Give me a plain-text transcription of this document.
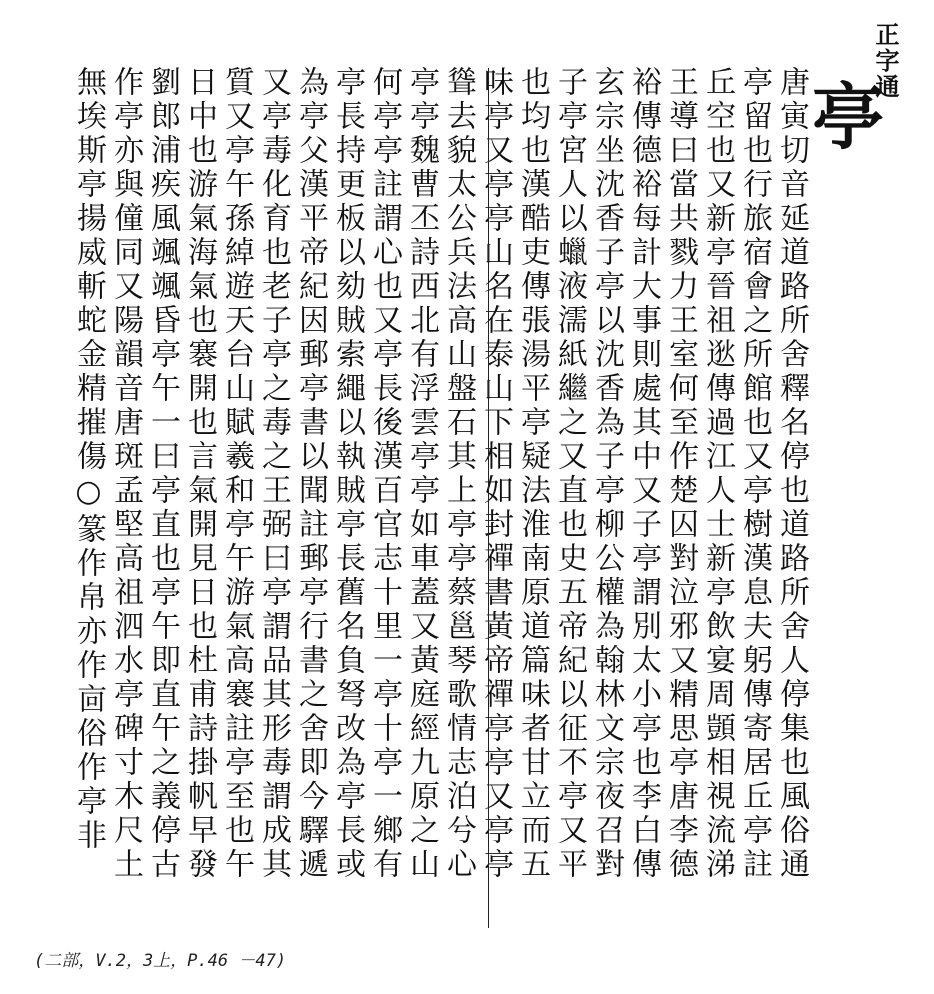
正字通
亭
唐寅切音延道路所舍釋名停也道路所舍人停集也風俗通
亭留也行旅宿會之所館也又亭樹漢息夫躬傳寄居丘亭註
丘空也又新亭晉祖逖傳過江人士新亭飲宴周顗相視流涕
王導曰當共戮力王室何至作楚囚對泣邪又精思亭唐李德
裕傳德裕每計大事則處其中又子亭謂別太小亭也李白傳
玄宗坐沈香子亭以沈香為子亭柳公權為翰林文宗夜召對
子亭宮人以蠟液濡紙繼之又直也史五帝紀以征不亭又平
也均也漢酷吏傳張湯平亭疑法淮南原道篇味者甘立而五
味亭又亭亭山名在泰山下相如封禪書黃帝禪亭亭又亭亭
聳去貌太公兵法高山盤石其上亭亭蔡邕琴歌情志泊兮心
亭亭魏曹丕詩西北有浮雲亭亭如車蓋又黃庭經九原之山
何亭亭註謂心也又亭長後漢百官志十里一亭十亭一鄉有
亭長持更板以劾賊索繩以執賊亭長舊名負弩改為亭長或
為亭父漢平帝紀因郵亭書以聞註郵亭行書之舍即今驛遞
又亭毒化育也老子亭之毒之王弼曰亭謂品其形毒謂成其
質又亭午孫綽遊天台山賦羲和亭午游氣高褰註亭至也午
日中也游氣海氣也褰開也言氣開見日也杜甫詩掛帆早發
劉郎浦疾風颯颯昏亭午一曰亭直也亭午即直午之義停古
作亭亦與僮同又陽韻音唐斑孟堅高祖泗水亭碑寸木尺土
無埃斯亭揚威斬蛇金精摧傷○篆作帛亦作㐭俗作亭非
(二部，V.2，3上，P.46 －47)
